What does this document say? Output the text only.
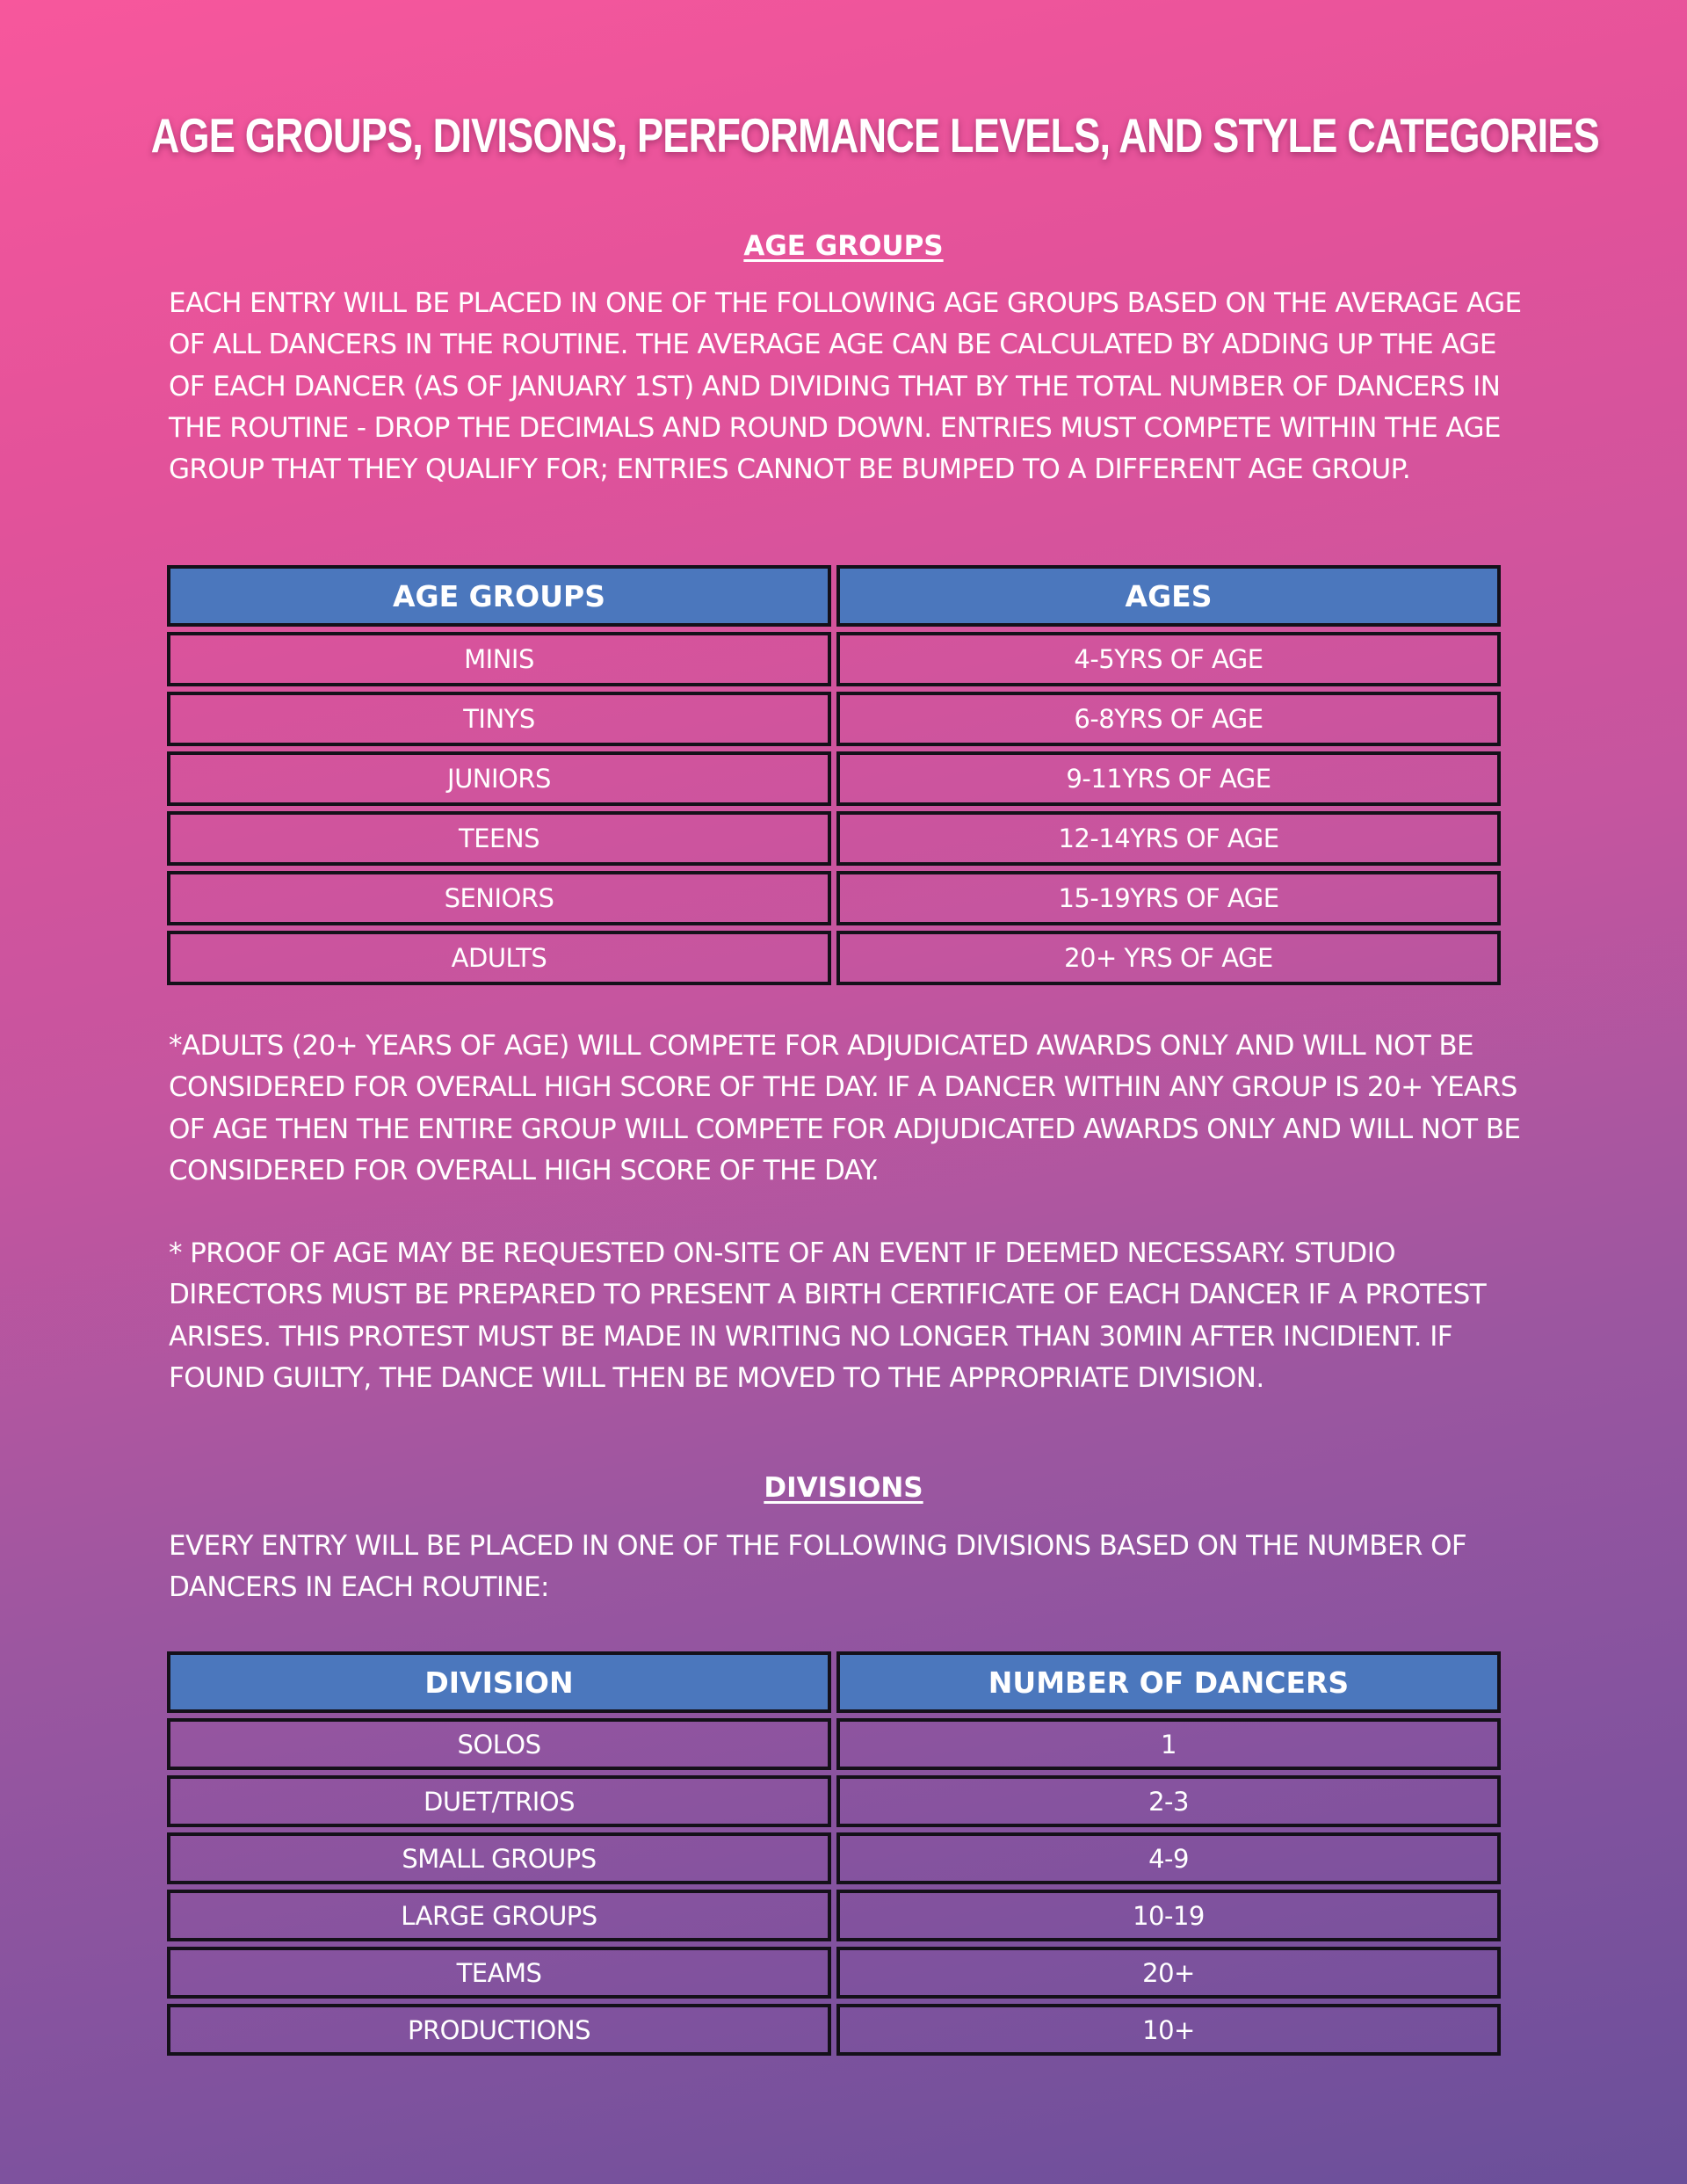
AGE GROUPS, DIVISONS, PERFORMANCE LEVELS, AND STYLE CATEGORIES
AGE GROUPS

EACH ENTRY WILL BE PLACED IN ONE OF THE FOLLOWING AGE GROUPS BASED ON THE AVERAGE AGE OF ALL DANCERS IN THE ROUTINE. THE AVERAGE AGE CAN BE CALCULATED BY ADDING UP THE AGE OF EACH DANCER (AS OF JANUARY 1ST) AND DIVIDING THAT BY THE TOTAL NUMBER OF DANCERS IN THE ROUTINE - DROP THE DECIMALS AND ROUND DOWN. ENTRIES MUST COMPETE WITHIN THE AGE GROUP THAT THEY QUALIFY FOR; ENTRIES CANNOT BE BUMPED TO A DIFFERENT AGE GROUP.

AGE GROUPS	AGES
MINIS	4-5YRS OF AGE
TINYS	6-8YRS OF AGE
JUNIORS	9-11YRS OF AGE
TEENS	12-14YRS OF AGE
SENIORS	15-19YRS OF AGE
ADULTS	20+ YRS OF AGE

*ADULTS (20+ YEARS OF AGE) WILL COMPETE FOR ADJUDICATED AWARDS ONLY AND WILL NOT BE CONSIDERED FOR OVERALL HIGH SCORE OF THE DAY. IF A DANCER WITHIN ANY GROUP IS 20+ YEARS OF AGE THEN THE ENTIRE GROUP WILL COMPETE FOR ADJUDICATED AWARDS ONLY AND WILL NOT BE CONSIDERED FOR OVERALL HIGH SCORE OF THE DAY.

* PROOF OF AGE MAY BE REQUESTED ON-SITE OF AN EVENT IF DEEMED NECESSARY. STUDIO DIRECTORS MUST BE PREPARED TO PRESENT A BIRTH CERTIFICATE OF EACH DANCER IF A PROTEST ARISES. THIS PROTEST MUST BE MADE IN WRITING NO LONGER THAN 30MIN AFTER INCIDIENT. IF FOUND GUILTY, THE DANCE WILL THEN BE MOVED TO THE APPROPRIATE DIVISION.

DIVISIONS

EVERY ENTRY WILL BE PLACED IN ONE OF THE FOLLOWING DIVISIONS BASED ON THE NUMBER OF DANCERS IN EACH ROUTINE:

DIVISION	NUMBER OF DANCERS
SOLOS	1
DUET/TRIOS	2-3
SMALL GROUPS	4-9
LARGE GROUPS	10-19
TEAMS	20+
PRODUCTIONS	10+
